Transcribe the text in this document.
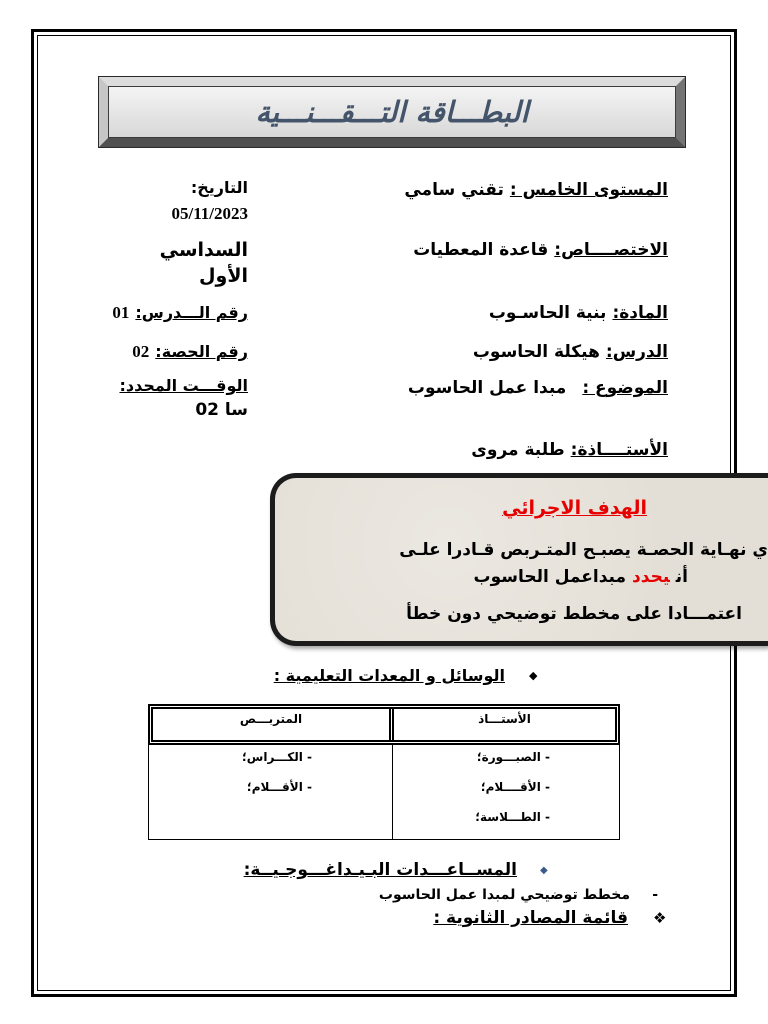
البطـــاقة التـــقـــنـــية
المستوى الخامس :تقني سامي
الاختصــــاص:قاعدة المعطيات
المادة:بنية الحاسـوب
الدرس:هيكلة الحاسوب
الموضوع :مبدا عمل الحاسوب
الأستــــاذة:طلبة مروى
التاريخ:
05/11/2023
السداسي
الأول
رقم الـــدرس:01
رقم الحصة:02
الوقـــت المحدد:
02 سا
الهدف الاجرائي
ي نهـاية الحصـة يصبـح المتـربص قـادرا علـى
أنيحددمبداعمل الحاسوب
اعتمـــادا على مخطط توضيحي دون خطأ
◆
الوسائل و المعدات التعليمية :
المتربـــص	الأستـــاذ
- الكـــراس؛
- الأقـــلام؛
- الصبـــورة؛
- الأقــــلام؛
- الطـــلاسة؛
◆
المســاعـــدات البـيـداغـــوجـيــة:
-
مخطط توضيحي لمبدا عمل الحاسوب
❖
قائمة المصادر الثانوية :
